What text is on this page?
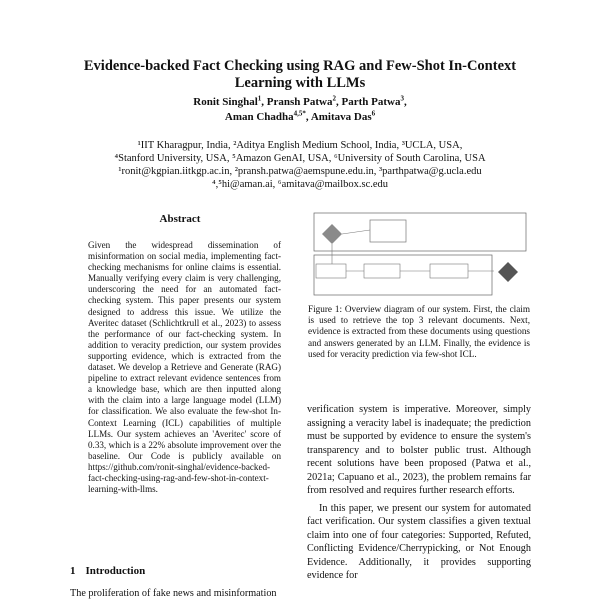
Evidence-backed Fact Checking using RAG and Few-Shot In-Context Learning with LLMs
Ronit Singhal$^1$, Pransh Patwa$^2$, Parth Patwa$^3$,
Aman Chadha$^{4,5*}$, Amitava Das$^6$
¹IIT Kharagpur, India, ²Aditya English Medium School, India, ³UCLA, USA,
⁴Stanford University, USA, ⁵Amazon GenAI, USA, ⁶University of South Carolina, USA
¹ronit@kgpian.iitkgp.ac.in, ²pransh.patwa@aemspune.edu.in, ³parthpatwa@g.ucla.edu
⁴,⁵hi@aman.ai, ⁶amitava@mailbox.sc.edu
Abstract

Given the widespread dissemination of misinformation on social media, implementing fact-checking mechanisms for online claims is essential. Manually verifying every claim is very challenging, underscoring the need for an automated fact-checking system. This paper presents our system designed to address this issue. We utilize the Averitec dataset (Schlichtkrull et al., 2023) to assess the performance of our fact-checking system. In addition to veracity prediction, our system provides supporting evidence, which is extracted from the dataset. We develop a Retrieve and Generate (RAG) pipeline to extract relevant evidence sentences from a knowledge base, which are then inputted along with the claim into a large language model (LLM) for classification. We also evaluate the few-shot In-Context Learning (ICL) capabilities of multiple LLMs. Our system achieves an 'Averitec' score of 0.33, which is a 22% absolute improvement over the baseline. Our Code is publicly available on https://github.com/ronit-singhal/evidence-backed-fact-checking-using-rag-and-few-shot-in-context-learning-with-llms.

1 Introduction
The proliferation of fake news and misinformation

Figure 1: Overview diagram of our system. First, the claim is used to retrieve the top 3 relevant documents. Next, evidence is extracted from these documents using questions and answers generated by an LLM. Finally, the evidence is used for veracity prediction via few-shot ICL.

verification system is imperative. Moreover, simply assigning a veracity label is inadequate; the prediction must be supported by evidence to ensure the system's transparency and to bolster public trust. Although recent solutions have been proposed (Patwa et al., 2021a; Capuano et al., 2023), the problem remains far from resolved and requires further research efforts.

In this paper, we present our system for automated fact verification. Our system classifies a given textual claim into one of four categories: Supported, Refuted, Conflicting Evidence/Cherrypicking, or Not Enough Evidence. Additionally, it provides supporting evidence for
